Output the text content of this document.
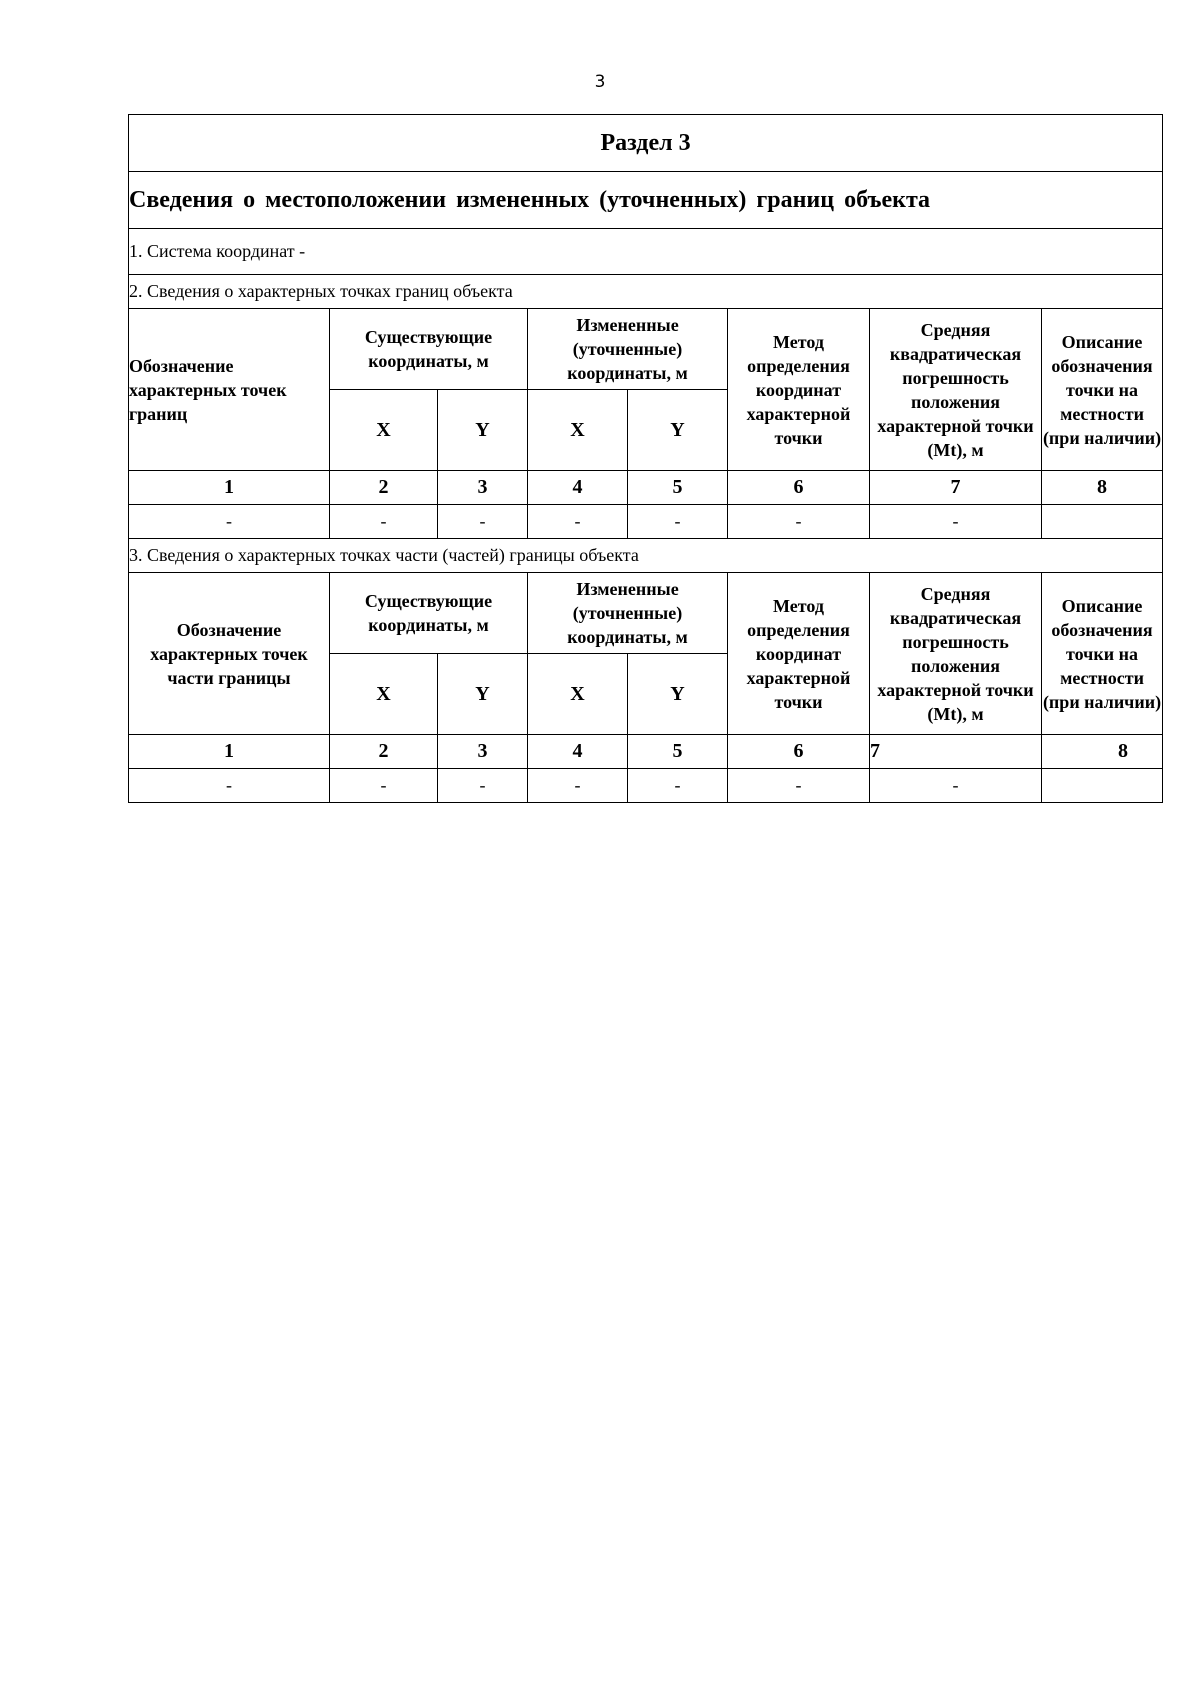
3
Раздел 3							
Сведения о местоположении измененных (уточненных) границ объекта							
1. Система координат -							
2. Сведения о характерных точках границ объекта							
Обозначение характерных точек границ	Существующие координаты, м		Измененные (уточненные) координаты, м		Метод определения координат характерной точки	Средняя квадратическая погрешность положения характерной точки (Mt), м	Описание обозначения точки на местности (при наличии)
	X	Y	X	Y			
1	2	3	4	5	6	7	8
-	-	-	-	-	-	-	
3. Сведения о характерных точках части (частей) границы объекта							
Обозначение характерных точек части границы	Существующие координаты, м		Измененные (уточненные) координаты, м		Метод определения координат характерной точки	Средняя квадратическая погрешность положения характерной точки (Mt), м	Описание обозначения точки на местности (при наличии)
	X	Y	X	Y			
1	2	3	4	5	6	7	8
-	-	-	-	-	-	-	
